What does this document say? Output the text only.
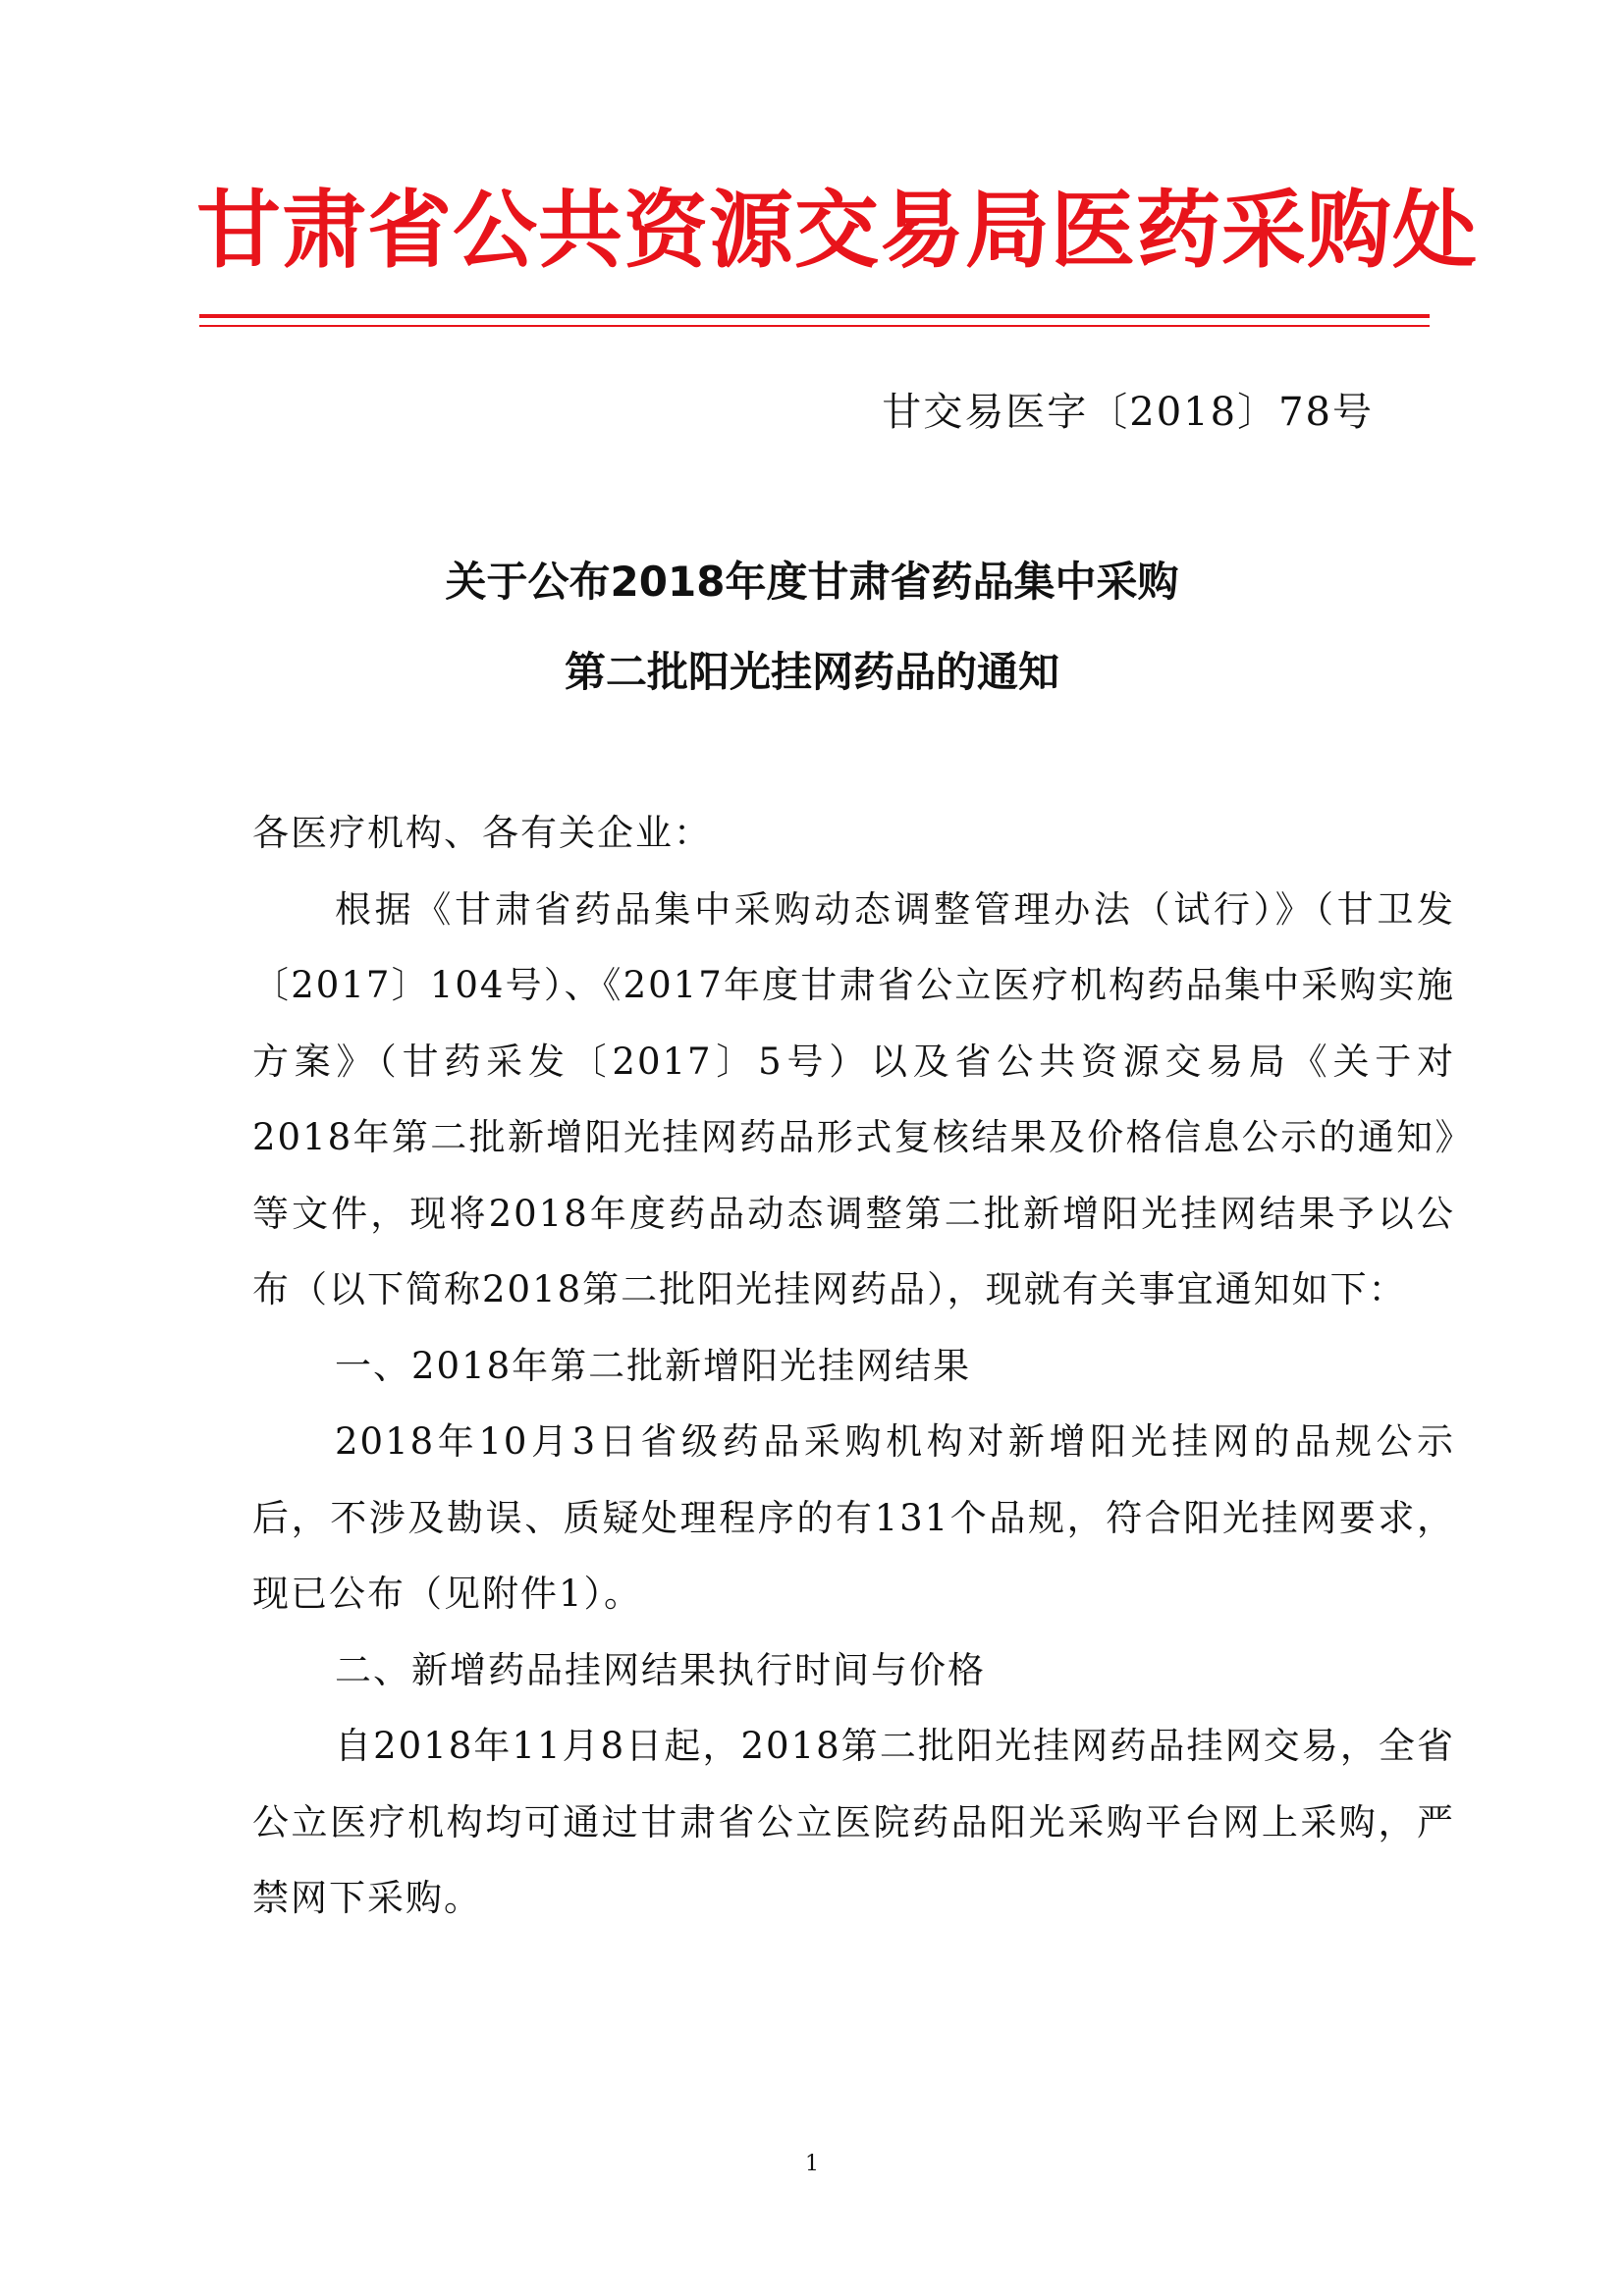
甘肃省公共资源交易局医药采购处
甘交易医字〔2018〕78号
关于公布2018年度甘肃省药品集中采购
第二批阳光挂网药品的通知

各医疗机构、各有关企业：

根据《甘肃省药品集中采购动态调整管理办法（试行）》（甘卫发〔2017〕104号）、《2017年度甘肃省公立医疗机构药品集中采购实施方案》（甘药采发〔2017〕5号）以及省公共资源交易局《关于对2018年第二批新增阳光挂网药品形式复核结果及价格信息公示的通知》等文件，现将2018年度药品动态调整第二批新增阳光挂网结果予以公布（以下简称2018第二批阳光挂网药品），现就有关事宜通知如下：

一、2018年第二批新增阳光挂网结果

2018年10月3日省级药品采购机构对新增阳光挂网的品规公示后，不涉及勘误、质疑处理程序的有131个品规，符合阳光挂网要求，现已公布（见附件1）。

二、新增药品挂网结果执行时间与价格

自2018年11月8日起，2018第二批阳光挂网药品挂网交易，全省公立医疗机构均可通过甘肃省公立医院药品阳光采购平台网上采购，严禁网下采购。

1
